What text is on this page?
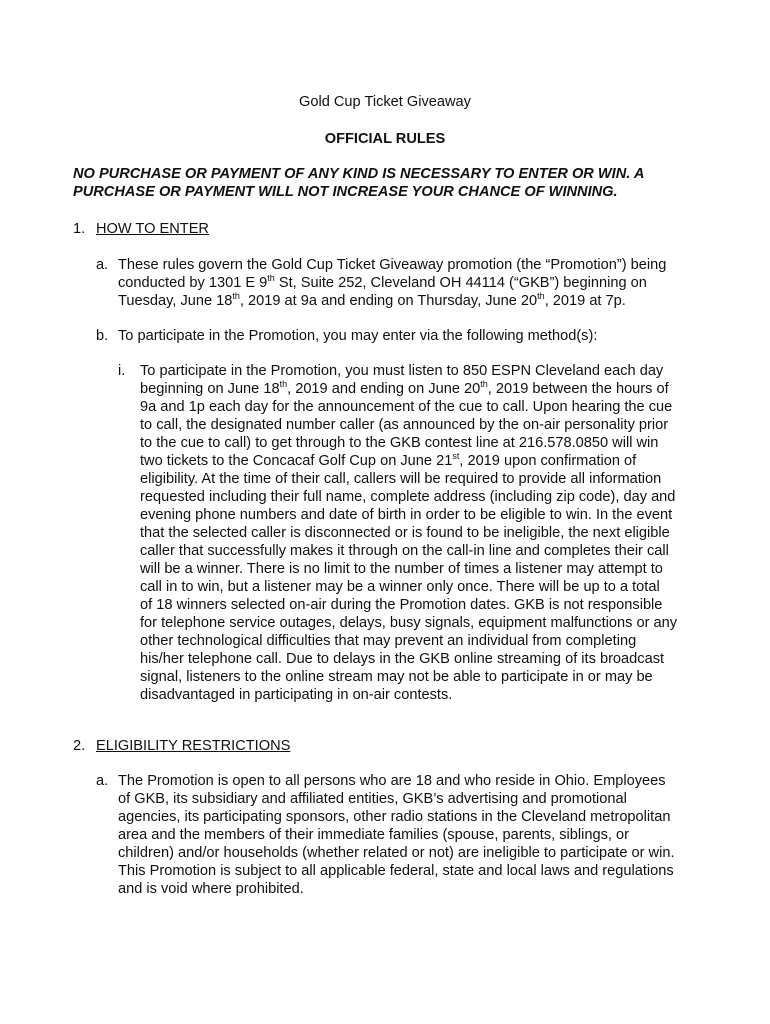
Gold Cup Ticket Giveaway
OFFICIAL RULES
NO PURCHASE OR PAYMENT OF ANY KIND IS NECESSARY TO ENTER OR WIN. A
PURCHASE OR PAYMENT WILL NOT INCREASE YOUR CHANCE OF WINNING.
1. HOW TO ENTER
a. These rules govern the Gold Cup Ticket Giveaway promotion (the “Promotion”) being
conducted by 1301 E 9th St, Suite 252, Cleveland OH 44114 (“GKB”) beginning on
Tuesday, June 18th, 2019 at 9a and ending on Thursday, June 20th, 2019 at 7p.
b. To participate in the Promotion, you may enter via the following method(s):
i. To participate in the Promotion, you must listen to 850 ESPN Cleveland each day
beginning on June 18th, 2019 and ending on June 20th, 2019 between the hours of
9a and 1p each day for the announcement of the cue to call. Upon hearing the cue
to call, the designated number caller (as announced by the on-air personality prior
to the cue to call) to get through to the GKB contest line at 216.578.0850 will win
two tickets to the Concacaf Golf Cup on June 21st, 2019 upon confirmation of
eligibility. At the time of their call, callers will be required to provide all information
requested including their full name, complete address (including zip code), day and
evening phone numbers and date of birth in order to be eligible to win. In the event
that the selected caller is disconnected or is found to be ineligible, the next eligible
caller that successfully makes it through on the call-in line and completes their call
will be a winner. There is no limit to the number of times a listener may attempt to
call in to win, but a listener may be a winner only once. There will be up to a total
of 18 winners selected on-air during the Promotion dates. GKB is not responsible
for telephone service outages, delays, busy signals, equipment malfunctions or any
other technological difficulties that may prevent an individual from completing
his/her telephone call. Due to delays in the GKB online streaming of its broadcast
signal, listeners to the online stream may not be able to participate in or may be
disadvantaged in participating in on-air contests.
2. ELIGIBILITY RESTRICTIONS
a. The Promotion is open to all persons who are 18 and who reside in Ohio. Employees
of GKB, its subsidiary and affiliated entities, GKB’s advertising and promotional
agencies, its participating sponsors, other radio stations in the Cleveland metropolitan
area and the members of their immediate families (spouse, parents, siblings, or
children) and/or households (whether related or not) are ineligible to participate or win.
This Promotion is subject to all applicable federal, state and local laws and regulations
and is void where prohibited.
